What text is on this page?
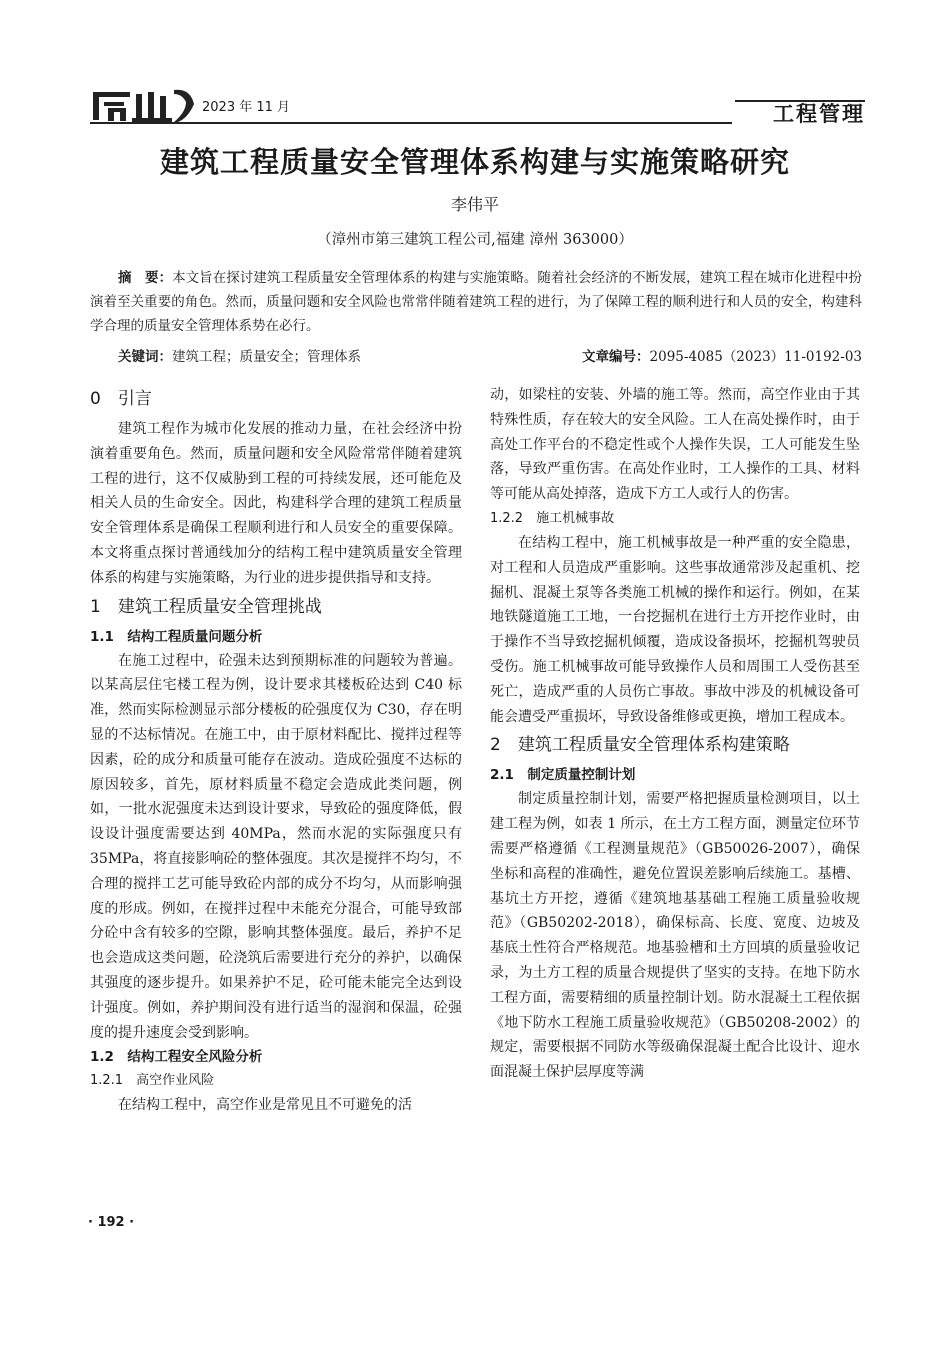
2023 年 11 月	工程管理
建筑工程质量安全管理体系构建与实施策略研究
李伟平
（漳州市第三建筑工程公司,福建 漳州 363000）
摘　要：本文旨在探讨建筑工程质量安全管理体系的构建与实施策略。随着社会经济的不断发展，建筑工程在城市化进程中扮演着至关重要的角色。然而，质量问题和安全风险也常常伴随着建筑工程的进行，为了保障工程的顺利进行和人员的安全，构建科学合理的质量安全管理体系势在必行。
关键词：建筑工程；质量安全；管理体系	文章编号：2095-4085（2023）11-0192-03
0　引言

建筑工程作为城市化发展的推动力量，在社会经济中扮演着重要角色。然而，质量问题和安全风险常常伴随着建筑工程的进行，这不仅威胁到工程的可持续发展，还可能危及相关人员的生命安全。因此，构建科学合理的建筑工程质量安全管理体系是确保工程顺利进行和人员安全的重要保障。本文将重点探讨普通线加分的结构工程中建筑质量安全管理体系的构建与实施策略，为行业的进步提供指导和支持。

1　建筑工程质量安全管理挑战
1.1　结构工程质量问题分析

在施工过程中，砼强未达到预期标准的问题较为普遍。以某高层住宅楼工程为例，设计要求其楼板砼达到 C40 标准，然而实际检测显示部分楼板的砼强度仅为 C30，存在明显的不达标情况。在施工中，由于原材料配比、搅拌过程等因素，砼的成分和质量可能存在波动。造成砼强度不达标的原因较多，首先，原材料质量不稳定会造成此类问题，例如，一批水泥强度未达到设计要求，导致砼的强度降低，假设设计强度需要达到 40MPa，然而水泥的实际强度只有 35MPa，将直接影响砼的整体强度。其次是搅拌不均匀，不合理的搅拌工艺可能导致砼内部的成分不均匀，从而影响强度的形成。例如，在搅拌过程中未能充分混合，可能导致部分砼中含有较多的空隙，影响其整体强度。最后，养护不足也会造成这类问题，砼浇筑后需要进行充分的养护，以确保其强度的逐步提升。如果养护不足，砼可能未能完全达到设计强度。例如，养护期间没有进行适当的湿润和保温，砼强度的提升速度会受到影响。

1.2　结构工程安全风险分析
1.2.1　高空作业风险

在结构工程中，高空作业是常见且不可避免的活

动，如梁柱的安装、外墙的施工等。然而，高空作业由于其特殊性质，存在较大的安全风险。工人在高处操作时，由于高处工作平台的不稳定性或个人操作失误，工人可能发生坠落，导致严重伤害。在高处作业时，工人操作的工具、材料等可能从高处掉落，造成下方工人或行人的伤害。

1.2.2　施工机械事故

在结构工程中，施工机械事故是一种严重的安全隐患，对工程和人员造成严重影响。这些事故通常涉及起重机、挖掘机、混凝土泵等各类施工机械的操作和运行。例如，在某地铁隧道施工工地，一台挖掘机在进行土方开挖作业时，由于操作不当导致挖掘机倾覆，造成设备损坏，挖掘机驾驶员受伤。施工机械事故可能导致操作人员和周围工人受伤甚至死亡，造成严重的人员伤亡事故。事故中涉及的机械设备可能会遭受严重损坏，导致设备维修或更换，增加工程成本。

2　建筑工程质量安全管理体系构建策略
2.1　制定质量控制计划

制定质量控制计划，需要严格把握质量检测项目，以土建工程为例，如表 1 所示，在土方工程方面，测量定位环节需要严格遵循《工程测量规范》（GB50026-2007），确保坐标和高程的准确性，避免位置误差影响后续施工。基槽、基坑土方开挖，遵循《建筑地基基础工程施工质量验收规范》（GB50202-2018），确保标高、长度、宽度、边坡及基底土性符合严格规范。地基验槽和土方回填的质量验收记录，为土方工程的质量合规提供了坚实的支持。在地下防水工程方面，需要精细的质量控制计划。防水混凝土工程依据《地下防水工程施工质量验收规范》（GB50208-2002）的规定，需要根据不同防水等级确保混凝土配合比设计、迎水面混凝土保护层厚度等满

· 192 ·
